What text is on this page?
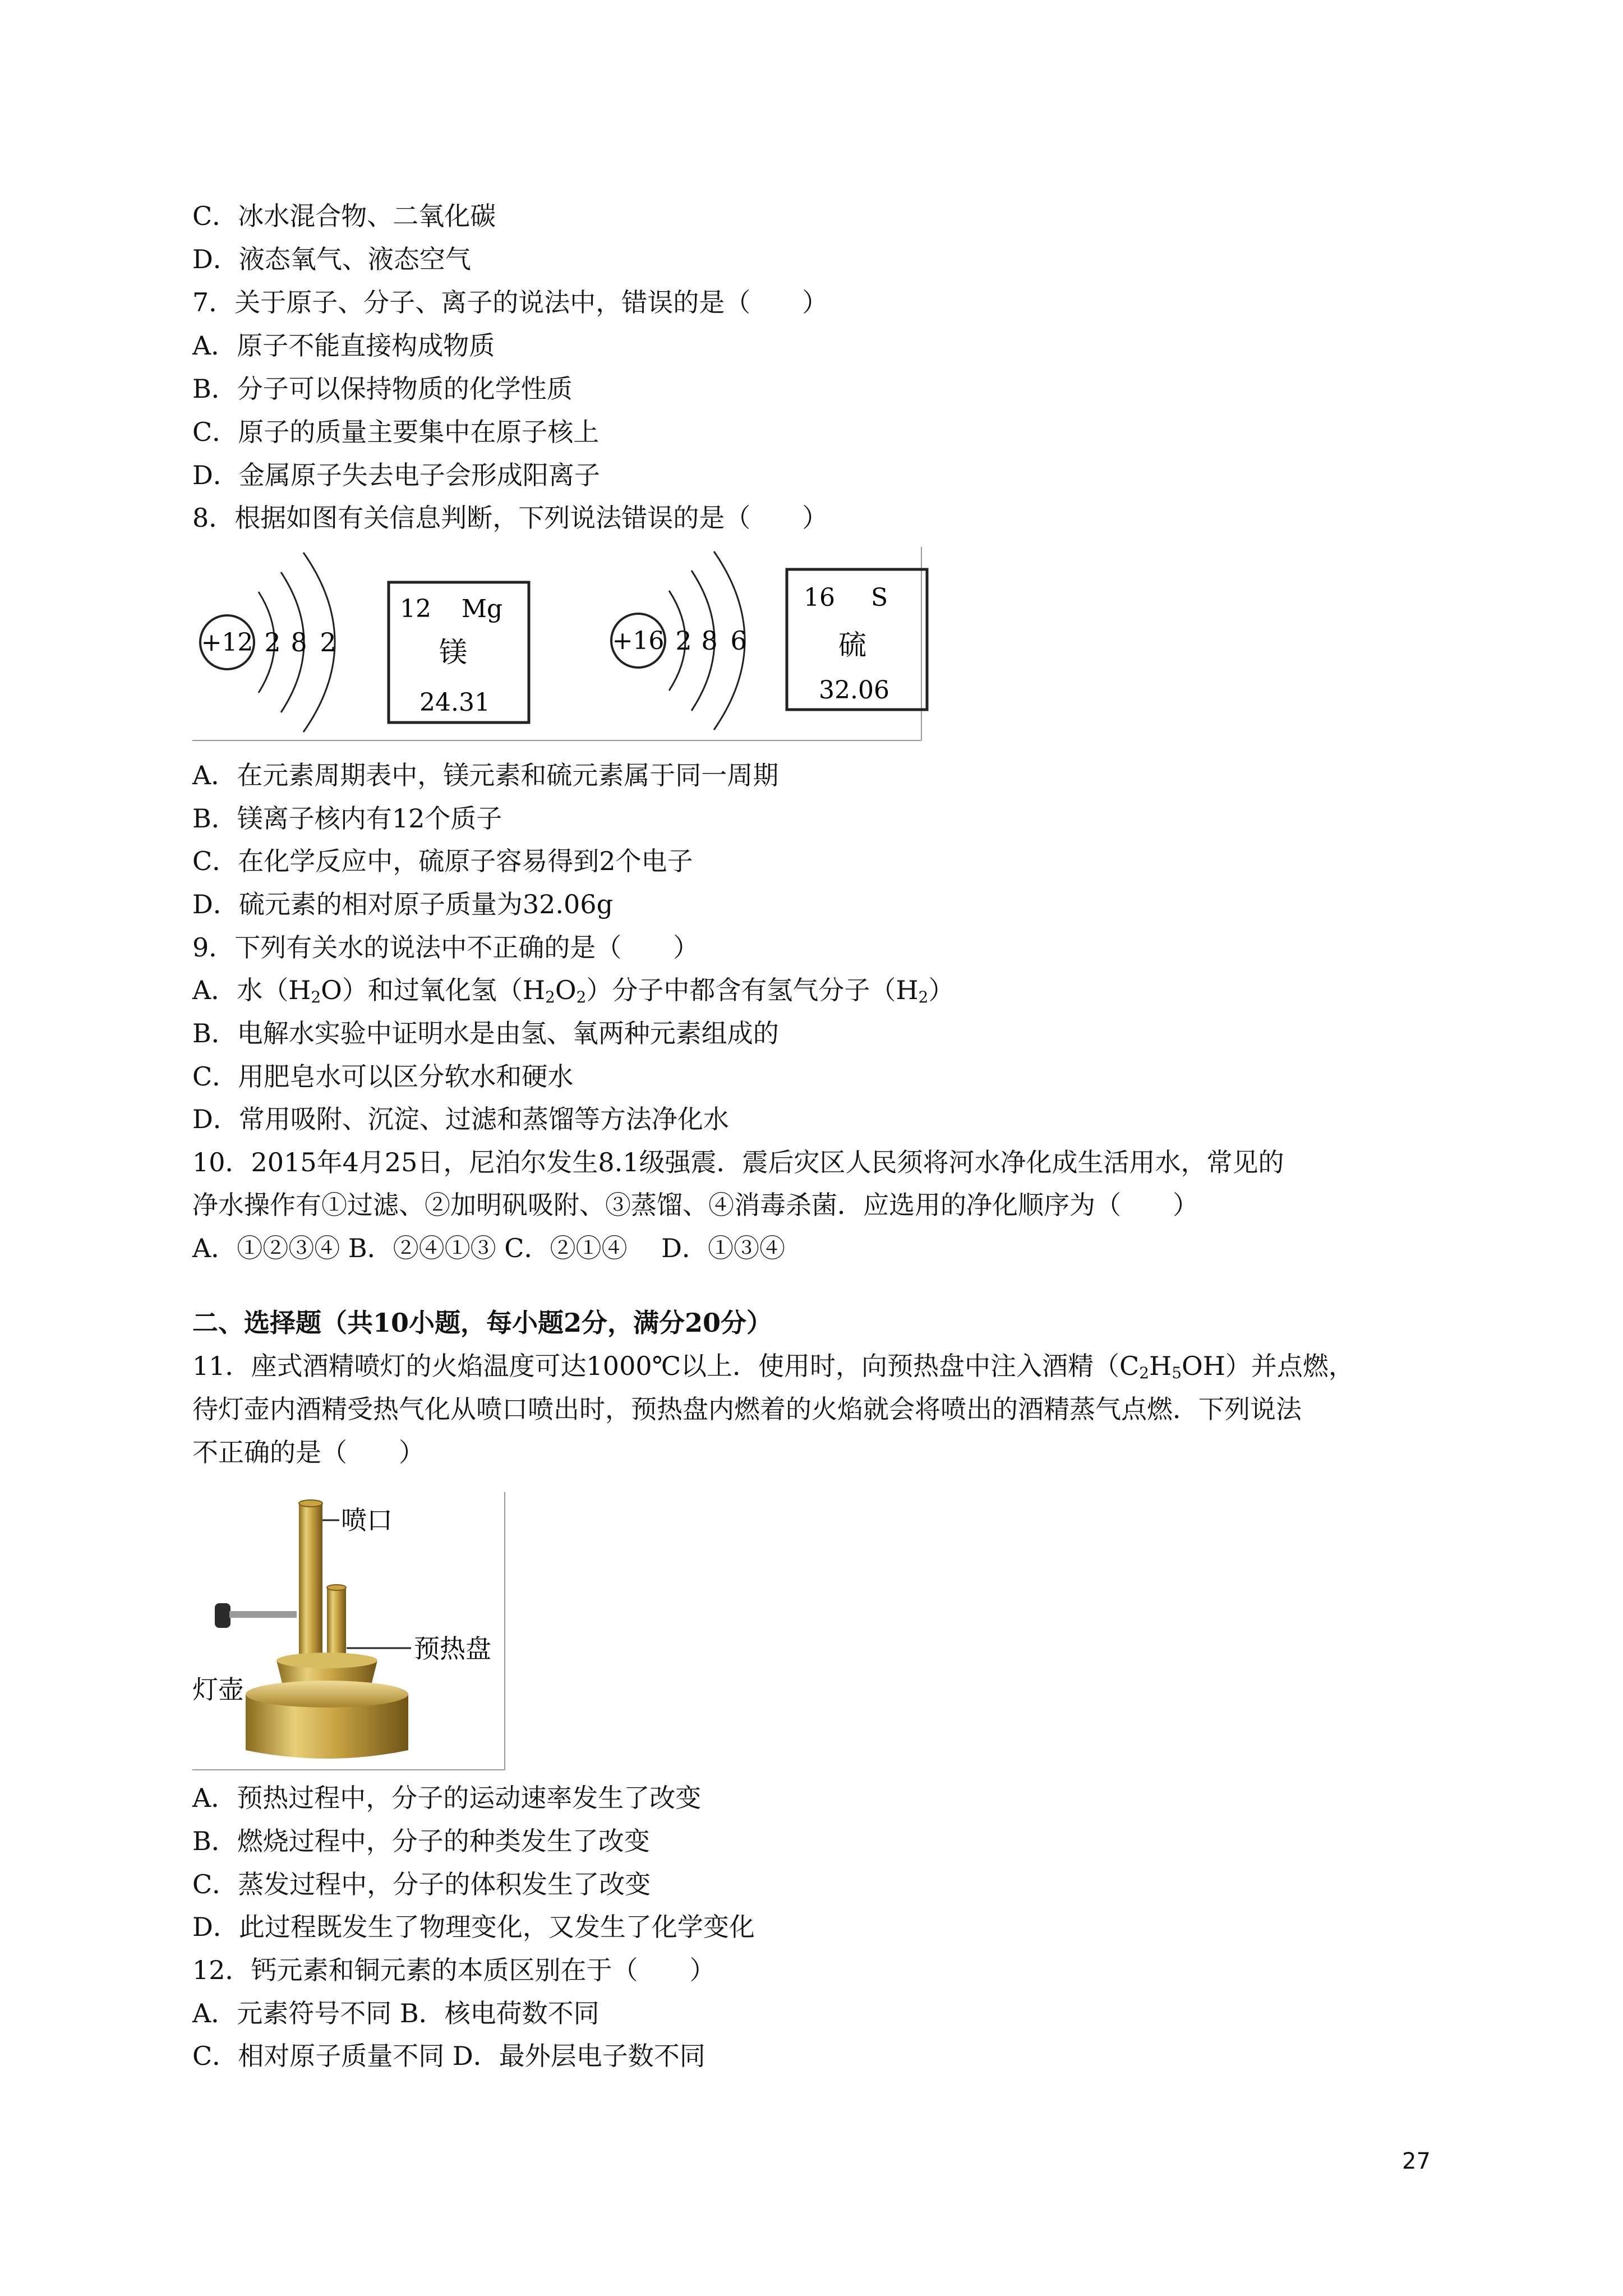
C．冰水混合物、二氧化碳
D．液态氧气、液态空气
7．关于原子、分子、离子的说法中，错误的是（　　）
A．原子不能直接构成物质
B．分子可以保持物质的化学性质
C．原子的质量主要集中在原子核上
D．金属原子失去电子会形成阳离子
8．根据如图有关信息判断，下列说法错误的是（　　）
+12 2 8 2
12 Mg
镁
24.31
+16 2 8 6
16 S
硫
32.06
A．在元素周期表中，镁元素和硫元素属于同一周期
B．镁离子核内有12个质子
C．在化学反应中，硫原子容易得到2个电子
D．硫元素的相对原子质量为32.06g
9．下列有关水的说法中不正确的是（　　）
A．水$(H_2O)$和过氧化氢$(H_2O_2)$分子中都含有氢气分子$(H_2)$
B．电解水实验中证明水是由氢、氧两种元素组成的
C．用肥皂水可以区分软水和硬水
D．常用吸附、沉淀、过滤和蒸馏等方法净化水
10．2015年4月25日，尼泊尔发生8.1级强震．震后灾区人民须将河水净化成生活用水，常见的
净水操作有①过滤、②加明矾吸附、③蒸馏、④消毒杀菌．应选用的净化顺序为（　　）
A．①②③④ B．②④①③ C．②①④　 D．①③④
二、选择题（共10小题，每小题2分，满分20分）
11．座式酒精喷灯的火焰温度可达1000℃以上．使用时，向预热盘中注入酒精$(C_2H_5OH)$并点燃，
待灯壶内酒精受热气化从喷口喷出时，预热盘内燃着的火焰就会将喷出的酒精蒸气点燃．下列说法
不正确的是（　　）
喷口
预热盘
灯壶
A．预热过程中，分子的运动速率发生了改变
B．燃烧过程中，分子的种类发生了改变
C．蒸发过程中，分子的体积发生了改变
D．此过程既发生了物理变化，又发生了化学变化
12．钙元素和铜元素的本质区别在于（　　）
A．元素符号不同 B．核电荷数不同
C．相对原子质量不同 D．最外层电子数不同
27
